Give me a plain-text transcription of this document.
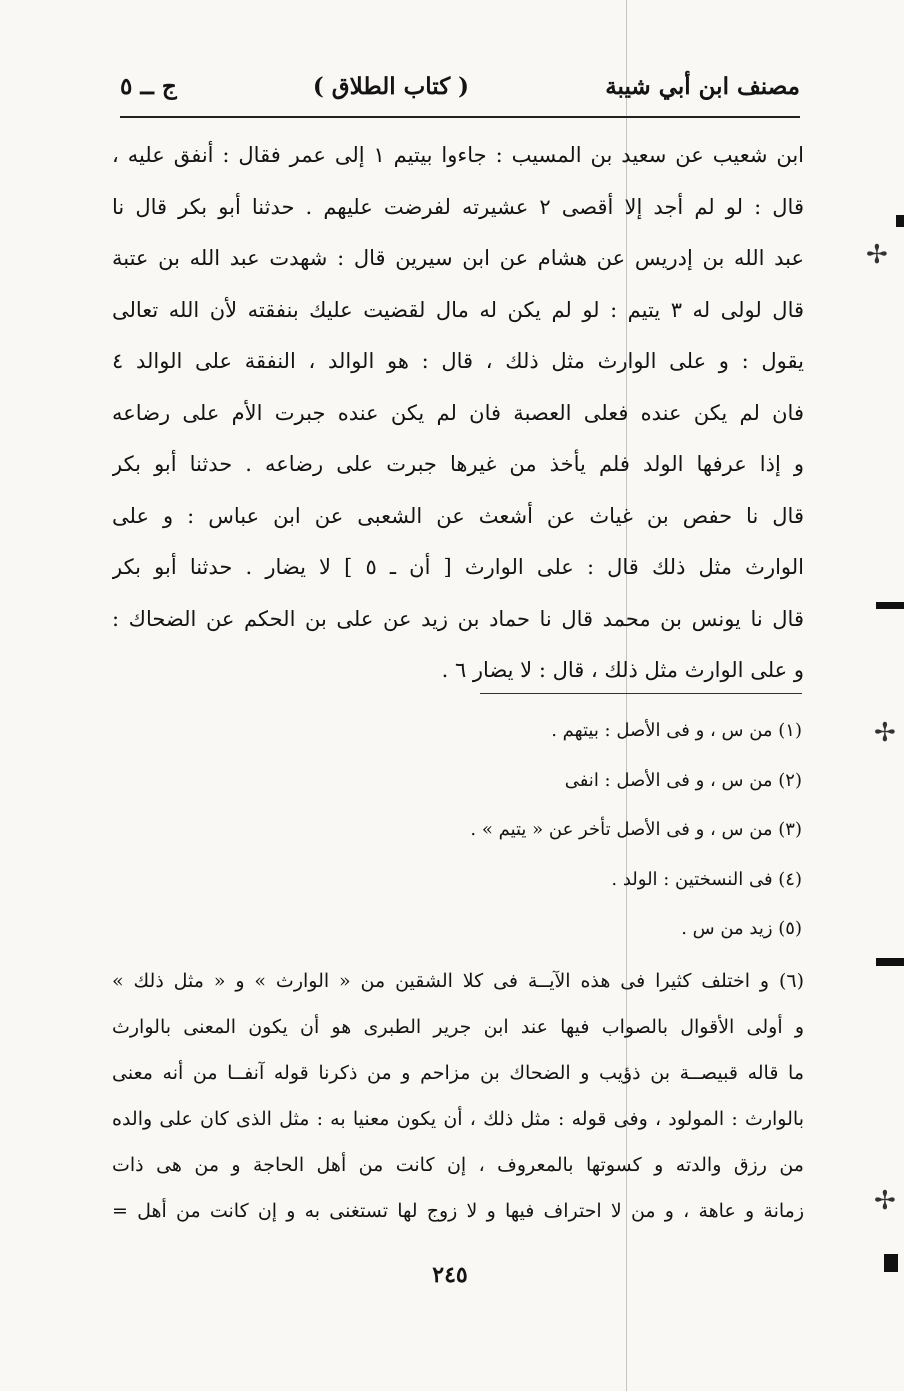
مصنف ابن أبي شيبة
( كتاب الطلاق )
ج ــ ٥
ابن شعيب عن سعيد بن المسيب : جاءوا بيتيم ١ إلى عمر فقال : أنفق عليه ،
قال : لو لم أجد إلا أقصى ٢ عشيرته لفرضت عليهم . حدثنا أبو بكر قال نا
عبد الله بن إدريس عن هشام عن ابن سيرين قال : شهدت عبد الله بن عتبة
قال لولى له ٣ يتيم : لو لم يكن له مال لقضيت عليك بنفقته لأن الله تعالى
يقول : و على الوارث مثل ذلك ، قال : هو الوالد ، النفقة على الوالد ٤
فان لم يكن عنده فعلى العصبة فان لم يكن عنده جبرت الأم على رضاعه
و إذا عرفها الولد فلم يأخذ من غيرها جبرت على رضاعه . حدثنا أبو بكر
قال نا حفص بن غياث عن أشعث عن الشعبى عن ابن عباس : و على
الوارث مثل ذلك قال : على الوارث [ أن ـ ٥ ] لا يضار . حدثنا أبو بكر
قال نا يونس بن محمد قال نا حماد بن زيد عن على بن الحكم عن الضحاك :
و على الوارث مثل ذلك ، قال : لا يضار ٦ .
(١) من س ، و فى الأصل : بيتهم .
(٢) من س ، و فى الأصل : انفى
(٣) من س ، و فى الأصل تأخر عن « يتيم » .
(٤) فى النسختين : الولد .
(٥) زيد من س .
(٦) و اختلف كثيرا فى هذه الآيــة فى كلا الشقين من « الوارث » و « مثل ذلك »
و أولى الأقوال بالصواب فيها عند ابن جرير الطبرى هو أن يكون المعنى بالوارث
ما قاله قبيصــة بن ذؤيب و الضحاك بن مزاحم و من ذكرنا قوله آنفــا من أنه معنى
بالوارث : المولود ، وفى قوله : مثل ذلك ، أن يكون معنيا به : مثل الذى كان على والده
من رزق والدته و كسوتها بالمعروف ، إن كانت من أهل الحاجة و من هى ذات
زمانة و عاهة ، و من لا احتراف فيها و لا زوج لها تستغنى به و إن كانت من أهل =
٢٤٥
✢
✢
✢
